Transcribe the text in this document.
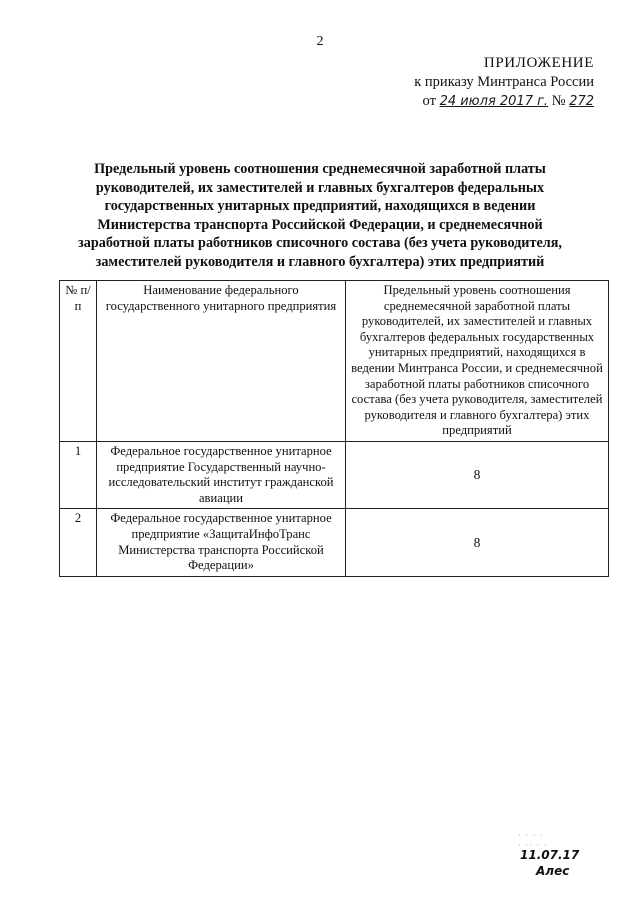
2
ПРИЛОЖЕНИЕ
к приказу Минтранса России
от 24 июля 2017 г. № 272
Предельный уровень соотношения среднемесячной заработной платы руководителей, их заместителей и главных бухгалтеров федеральных государственных унитарных предприятий, находящихся в ведении Министерства транспорта Российской Федерации, и среднемесячной заработной платы работников списочного состава (без учета руководителя, заместителей руководителя и главного бухгалтера) этих предприятий
№ п/п	Наименование федерального государственного унитарного предприятия	Предельный уровень соотношения среднемесячной заработной платы руководителей, их заместителей и главных бухгалтеров федеральных государственных унитарных предприятий, находящихся в ведении Минтранса России, и среднемесячной заработной платы работников списочного состава (без учета руководителя, заместителей руководителя и главного бухгалтера) этих предприятий
1	Федеральное государственное унитарное предприятие Государственный научно-исследовательский институт гражданской авиации	8
2	Федеральное государственное унитарное предприятие «ЗащитаИнфоТранс Министерства транспорта Российской Федерации»	8
· · · ·
· ·· · ·
11.07.17
Алес
